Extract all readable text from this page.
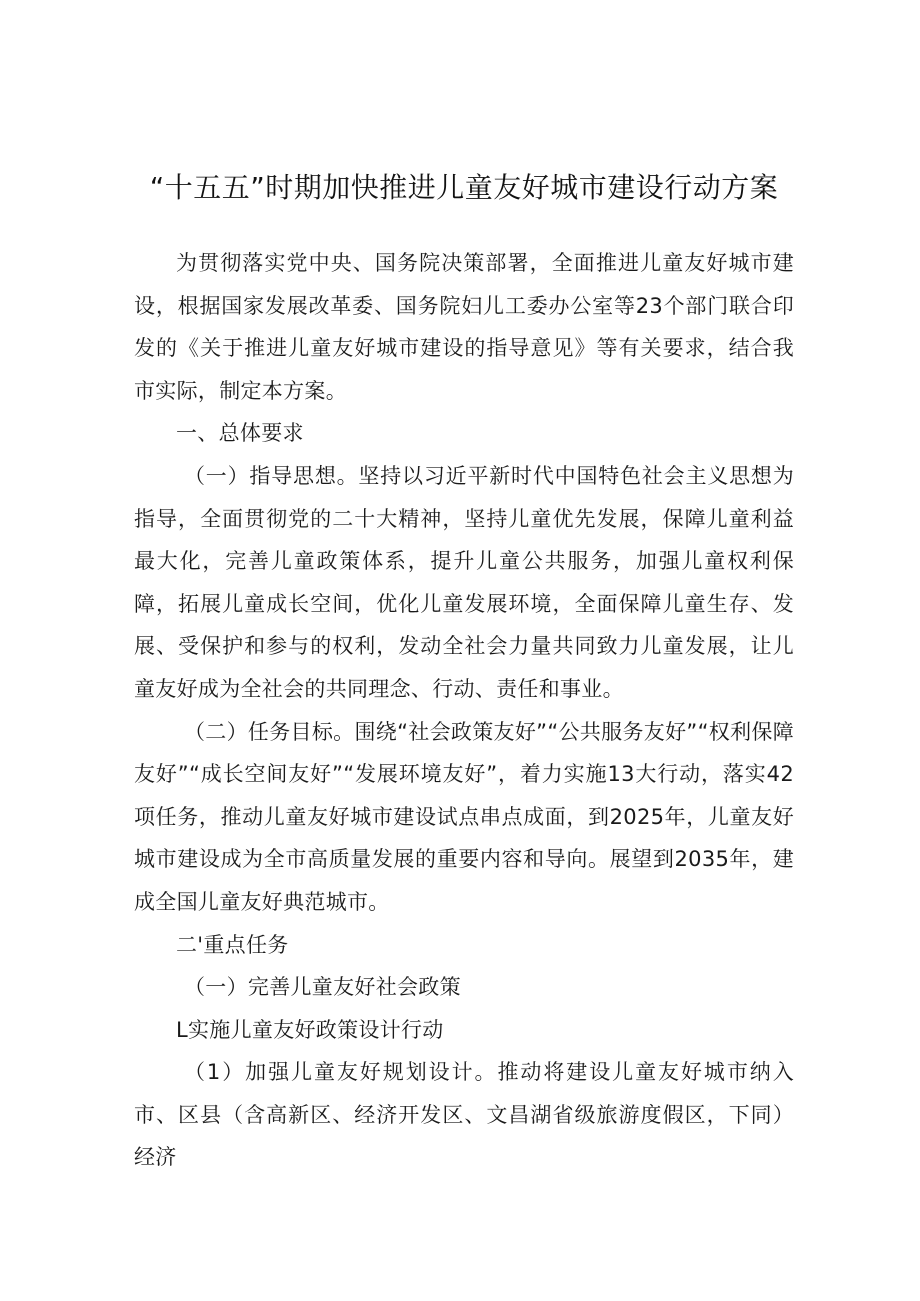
“十五五”时期加快推进儿童友好城市建设行动方案

为贯彻落实党中央、国务院决策部署，全面推进儿童友好城市建设，根据国家发展改革委、国务院妇儿工委办公室等23个部门联合印发的《关于推进儿童友好城市建设的指导意见》等有关要求，结合我市实际，制定本方案。

一、总体要求

（一）指导思想。坚持以习近平新时代中国特色社会主义思想为指导，全面贯彻党的二十大精神，坚持儿童优先发展，保障儿童利益最大化，完善儿童政策体系，提升儿童公共服务，加强儿童权利保障，拓展儿童成长空间，优化儿童发展环境，全面保障儿童生存、发展、受保护和参与的权利，发动全社会力量共同致力儿童发展，让儿童友好成为全社会的共同理念、行动、责任和事业。

（二）任务目标。围绕“社会政策友好”“公共服务友好”“权利保障友好”“成长空间友好”“发展环境友好”，着力实施13大行动，落实42项任务，推动儿童友好城市建设试点串点成面，到2025年，儿童友好城市建设成为全市高质量发展的重要内容和导向。展望到2035年，建成全国儿童友好典范城市。

二'重点任务

（一）完善儿童友好社会政策

L实施儿童友好政策设计行动

（1）加强儿童友好规划设计。推动将建设儿童友好城市纳入市、区县（含高新区、经济开发区、文昌湖省级旅游度假区，下同）经济
